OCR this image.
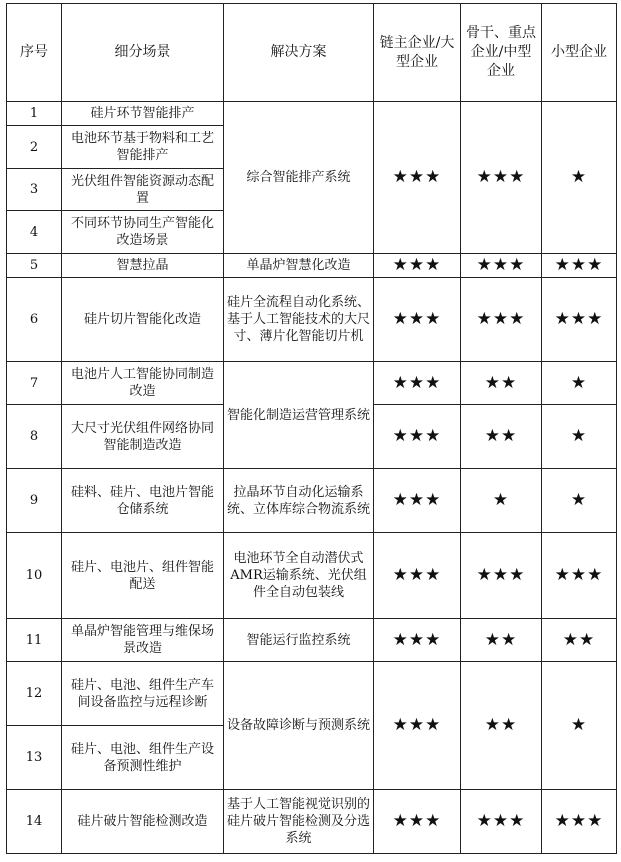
序号	细分场景	解决方案	链主企业/大型企业	骨干、重点企业/中型企业	小型企业
1	硅片环节智能排产	综合智能排产系统	★★★	★★★	★
2	电池环节基于物料和工艺智能排产				
3	光伏组件智能资源动态配置				
4	不同环节协同生产智能化改造场景				
5	智慧拉晶	单晶炉智慧化改造	★★★	★★★	★★★
6	硅片切片智能化改造	硅片全流程自动化系统、基于人工智能技术的大尺寸、薄片化智能切片机	★★★	★★★	★★★
7	电池片人工智能协同制造改造	智能化制造运营管理系统	★★★	★★	★
8	大尺寸光伏组件网络协同智能制造改造		★★★	★★	★
9	硅料、硅片、电池片智能仓储系统	拉晶环节自动化运输系统、立体库综合物流系统	★★★	★	★
10	硅片、电池片、组件智能配送	电池环节全自动潜伏式AMR运输系统、光伏组件全自动包装线	★★★	★★★	★★★
11	单晶炉智能管理与维保场景改造	智能运行监控系统	★★★	★★	★★
12	硅片、电池、组件生产车间设备监控与远程诊断	设备故障诊断与预测系统	★★★	★★	★
13	硅片、电池、组件生产设备预测性维护				
14	硅片破片智能检测改造	基于人工智能视觉识别的硅片破片智能检测及分选系统	★★★	★★★	★★★
